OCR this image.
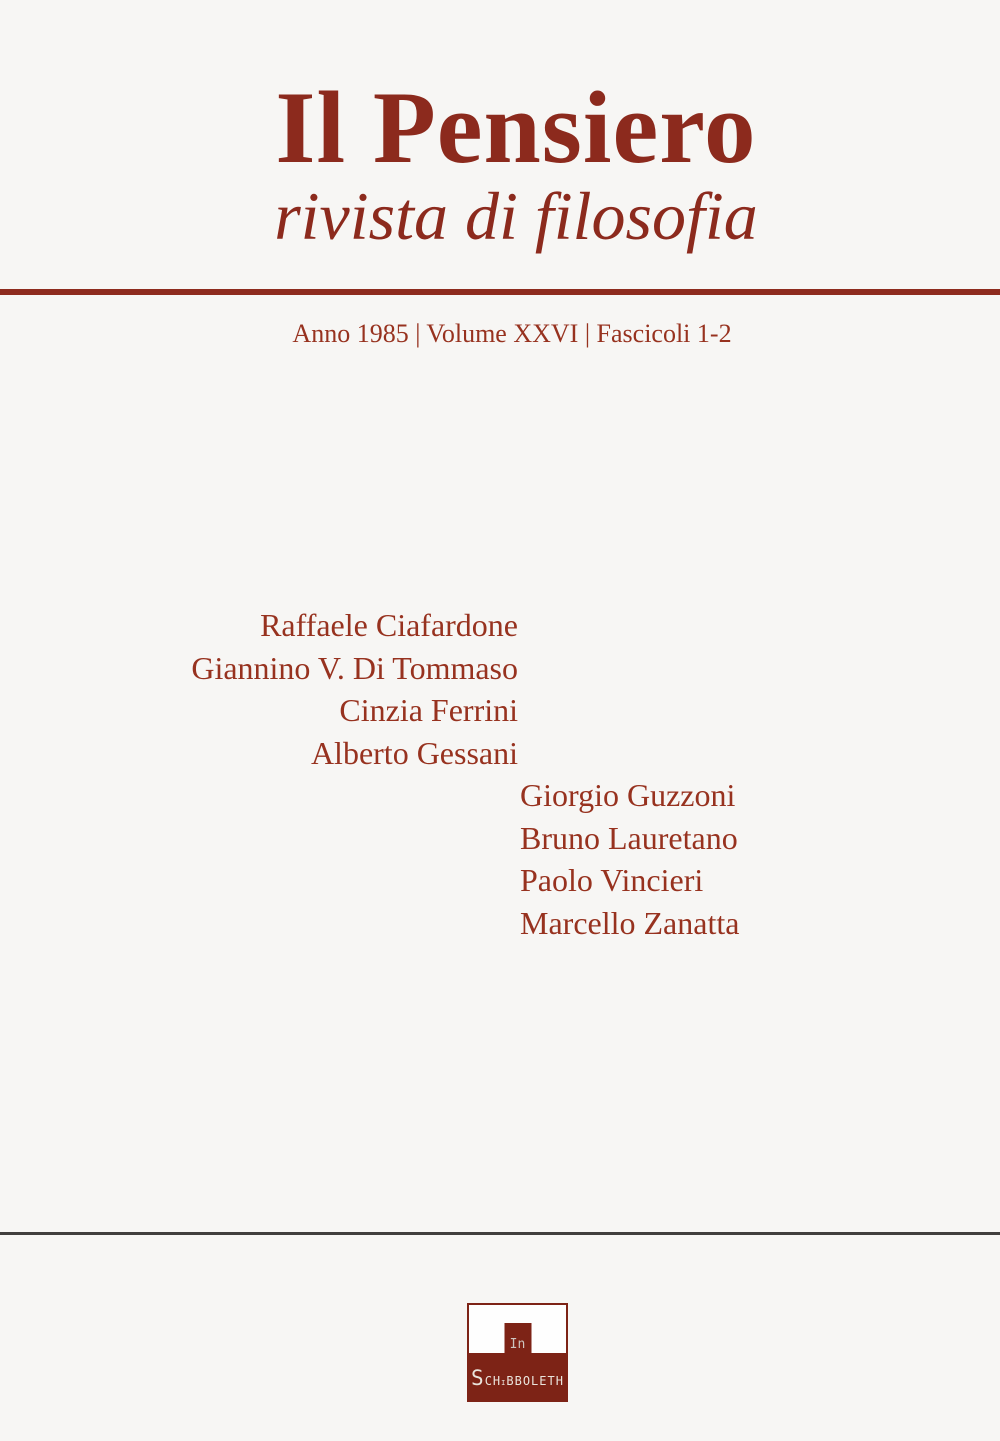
Il Pensiero
rivista di filosofia
Anno 1985 | Volume XXVI | Fascicoli 1-2
Raffaele Ciafardone
Giannino V. Di Tommaso
Cinzia Ferrini
Alberto Gessani
Giorgio Guzzoni
Bruno Lauretano
Paolo Vincieri
Marcello Zanatta
In
S CH i BBOLETH
